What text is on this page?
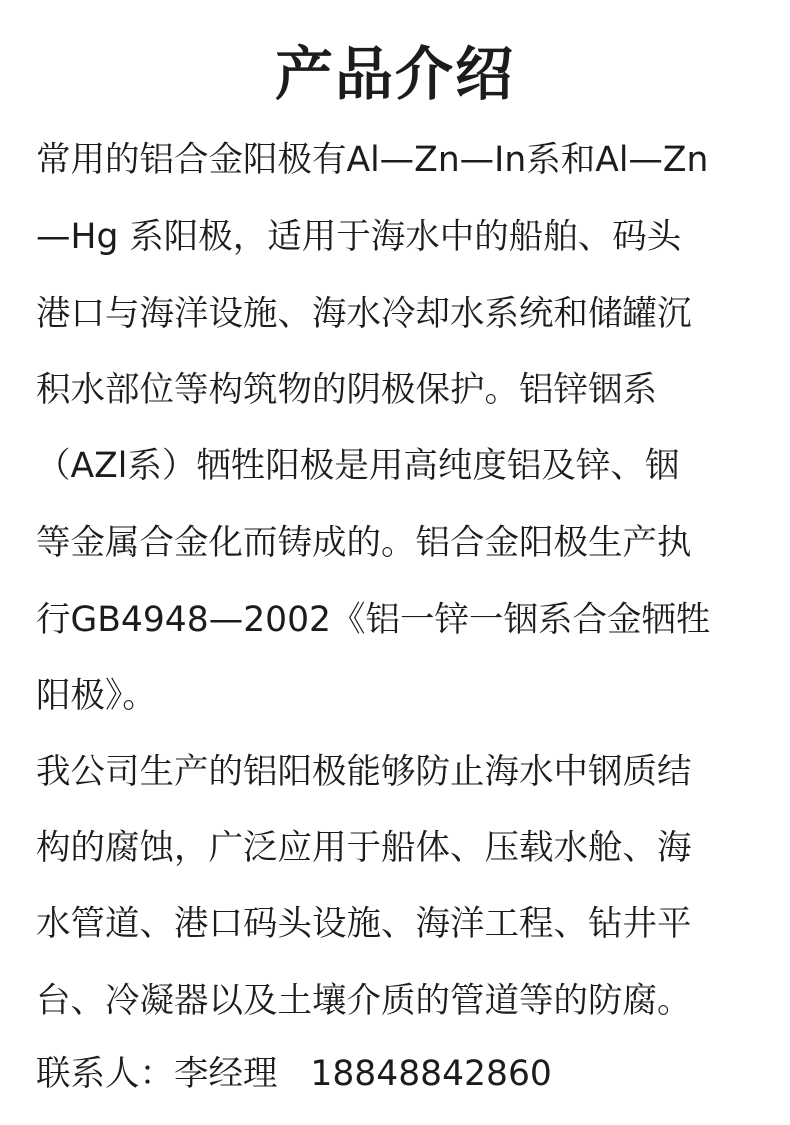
产品介绍
常用的铝合金阳极有Al—Zn—In系和Al—Zn
—Hg 系阳极，适用于海水中的船舶、码头
港口与海洋设施、海水冷却水系统和储罐沉
积水部位等构筑物的阴极保护。铝锌铟系
（AZl系）牺牲阳极是用高纯度铝及锌、铟
等金属合金化而铸成的。铝合金阳极生产执
行GB4948—2002《铝一锌一铟系合金牺牲
阳极》。
我公司生产的铝阳极能够防止海水中钢质结
构的腐蚀，广泛应用于船体、压载水舱、海
水管道、港口码头设施、海洋工程、钻井平
台、冷凝器以及土壤介质的管道等的防腐。
联系人：李经理   18848842860
